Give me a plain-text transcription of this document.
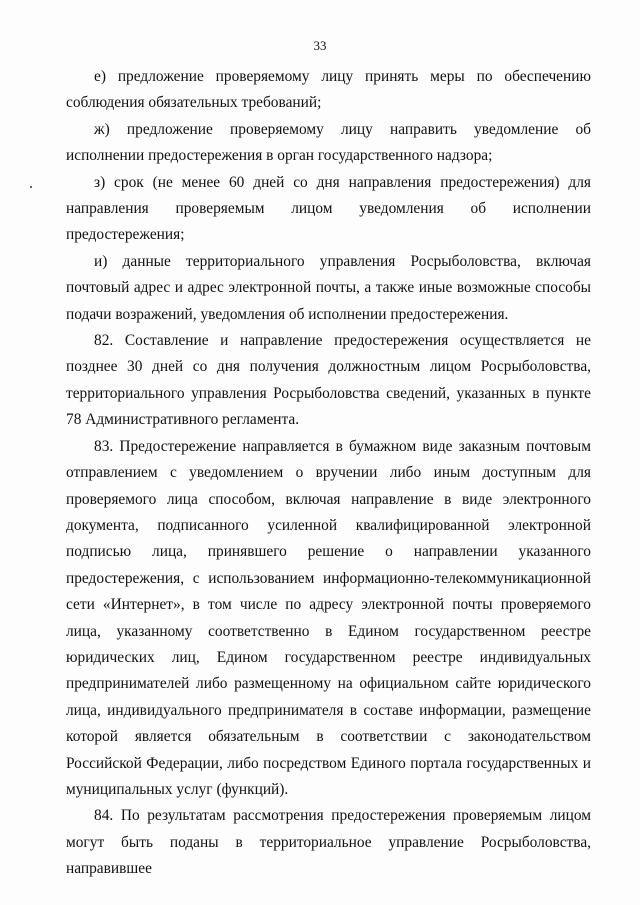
33

е) предложение проверяемому лицу принять меры по обеспечению соблюдения обязательных требований;

ж) предложение проверяемому лицу направить уведомление об исполнении предостережения в орган государственного надзора;

з) срок (не менее 60 дней со дня направления предостережения) для направления проверяемым лицом уведомления об исполнении предостережения;

и) данные территориального управления Росрыболовства, включая почтовый адрес и адрес электронной почты, а также иные возможные способы подачи возражений, уведомления об исполнении предостережения.

82. Составление и направление предостережения осуществляется не позднее 30 дней со дня получения должностным лицом Росрыболовства, территориального управления Росрыболовства сведений, указанных в пункте 78 Административного регламента.

83. Предостережение направляется в бумажном виде заказным почтовым отправлением с уведомлением о вручении либо иным доступным для проверяемого лица способом, включая направление в виде электронного документа, подписанного усиленной квалифицированной электронной подписью лица, принявшего решение о направлении указанного предостережения, с использованием информационно-телекоммуникационной сети «Интернет», в том числе по адресу электронной почты проверяемого лица, указанному соответственно в Едином государственном реестре юридических лиц, Едином государственном реестре индивидуальных предпринимателей либо размещенному на официальном сайте юридического лица, индивидуального предпринимателя в составе информации, размещение которой является обязательным в соответствии с законодательством Российской Федерации, либо посредством Единого портала государственных и муниципальных услуг (функций).

84. По результатам рассмотрения предостережения проверяемым лицом могут быть поданы в территориальное управление Росрыболовства, направившее
